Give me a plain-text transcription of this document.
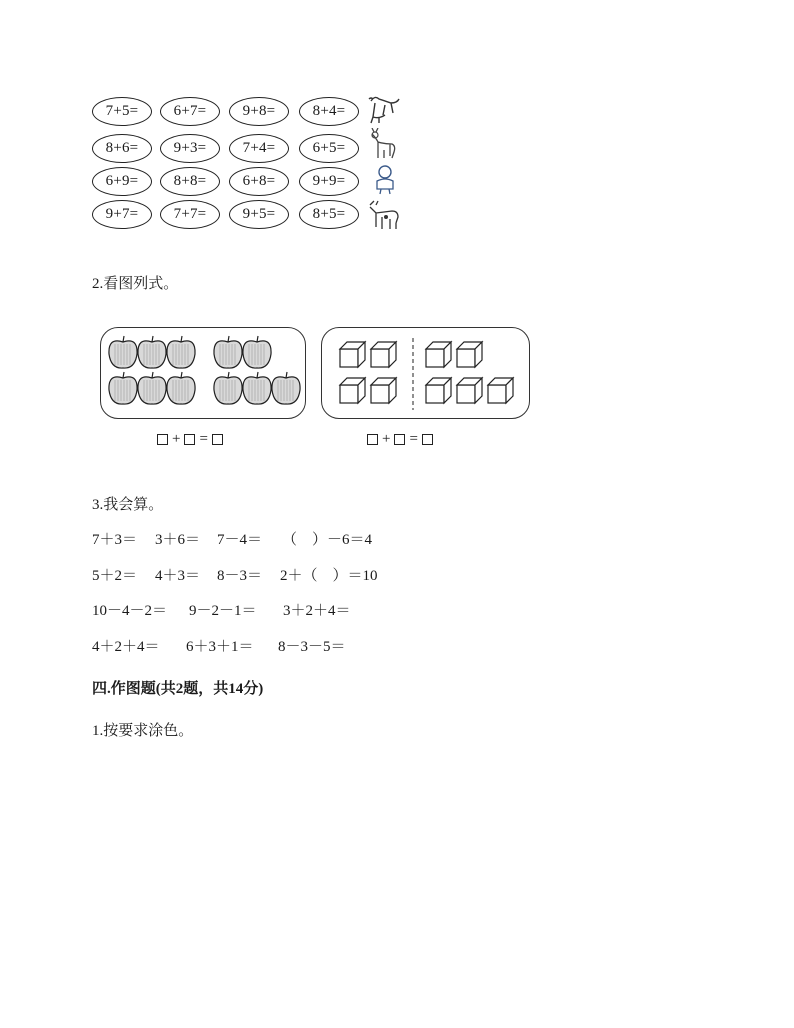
7+5=	6+7=	9+8=	8+4=
8+6=	9+3=	7+4=	6+5=
6+9=	8+8=	6+8=	9+9=
9+7=	7+7=	9+5=	8+5=
2.看图列式。
+ =	+ =
3.我会算。
7＋3＝ 3＋6＝ 7－4＝ （　）－6＝4
5＋2＝ 4＋3＝ 8－3＝ 2＋（　）＝10
10－4－2＝ 9－2－1＝ 3＋2＋4＝
4＋2＋4＝ 6＋3＋1＝ 8－3－5＝
四.作图题(共2题，共14分)
1.按要求涂色。
